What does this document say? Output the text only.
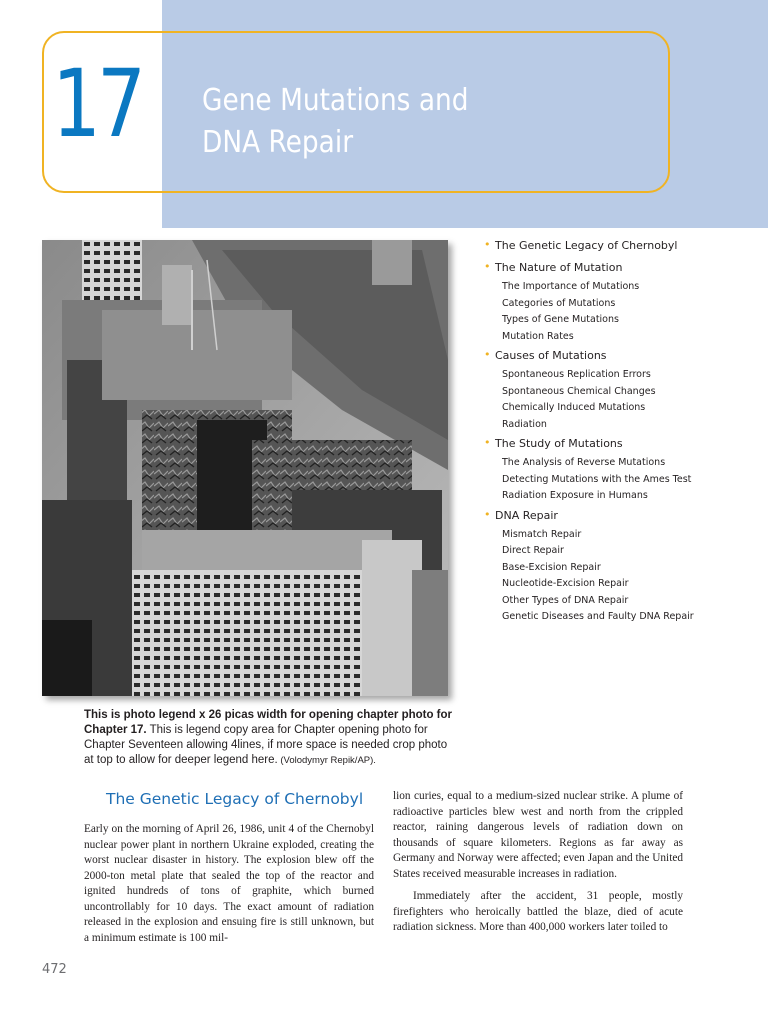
17 Gene Mutations and
DNA Repair
This is photo legend x 26 picas width for opening chapter photo for Chapter 17. This is legend copy area for Chapter opening photo for Chapter Seventeen allowing 4lines, if more space is needed crop photo at top to allow for deeper legend here. (Volodymyr Repik/AP).
• The Genetic Legacy of Chernobyl
• The Nature of Mutation
The Importance of Mutations
Categories of Mutations
Types of Gene Mutations
Mutation Rates
• Causes of Mutations
Spontaneous Replication Errors
Spontaneous Chemical Changes
Chemically Induced Mutations
Radiation
• The Study of Mutations
The Analysis of Reverse Mutations
Detecting Mutations with the Ames Test
Radiation Exposure in Humans
• DNA Repair
Mismatch Repair
Direct Repair
Base-Excision Repair
Nucleotide-Excision Repair
Other Types of DNA Repair
Genetic Diseases and Faulty DNA Repair
The Genetic Legacy of Chernobyl

Early on the morning of April 26, 1986, unit 4 of the Chernobyl nuclear power plant in northern Ukraine exploded, creating the worst nuclear disaster in history. The explosion blew off the 2000-ton metal plate that sealed the top of the reactor and ignited hundreds of tons of graphite, which burned uncontrollably for 10 days. The exact amount of radiation released in the explosion and ensuing fire is still unknown, but a minimum estimate is 100 mil-

lion curies, equal to a medium-sized nuclear strike. A plume of radioactive particles blew west and north from the crippled reactor, raining dangerous levels of radiation down on thousands of square kilometers. Regions as far away as Germany and Norway were affected; even Japan and the United States received measurable increases in radiation.

Immediately after the accident, 31 people, mostly firefighters who heroically battled the blaze, died of acute radiation sickness. More than 400,000 workers later toiled to

472
